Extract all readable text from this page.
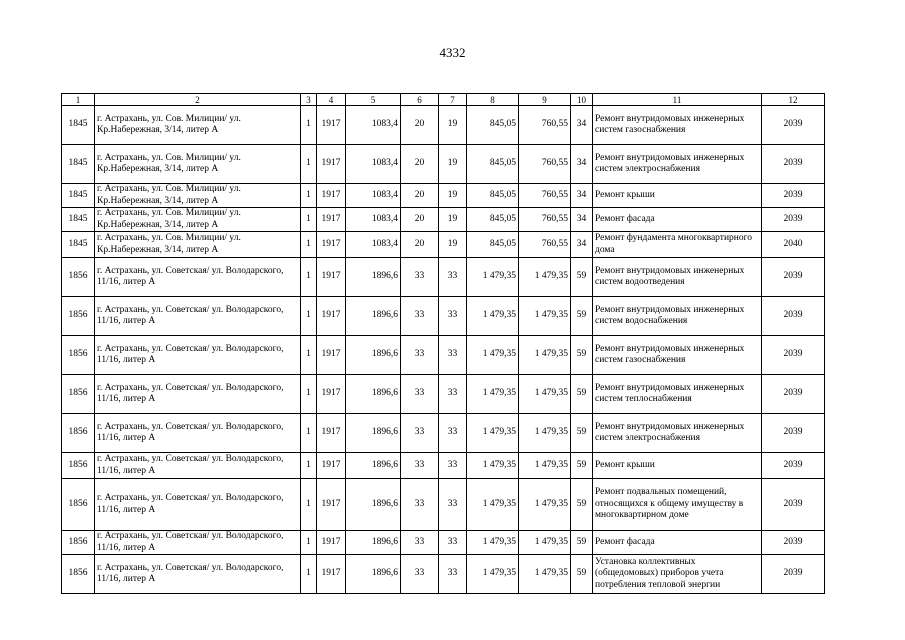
4332
1	2	3	4	5	6	7	8	9	10	11	12
1845	г. Астрахань, ул. Сов. Милиции/ ул. Кр.Набережная, 3/14, литер А	1	1917	1083,4	20	19	845,05	760,55	34	Ремонт внутридомовых инженерных систем газоснабжения	2039
1845	г. Астрахань, ул. Сов. Милиции/ ул. Кр.Набережная, 3/14, литер А	1	1917	1083,4	20	19	845,05	760,55	34	Ремонт внутридомовых инженерных систем электроснабжения	2039
1845	г. Астрахань, ул. Сов. Милиции/ ул. Кр.Набережная, 3/14, литер А	1	1917	1083,4	20	19	845,05	760,55	34	Ремонт крыши	2039
1845	г. Астрахань, ул. Сов. Милиции/ ул. Кр.Набережная, 3/14, литер А	1	1917	1083,4	20	19	845,05	760,55	34	Ремонт фасада	2039
1845	г. Астрахань, ул. Сов. Милиции/ ул. Кр.Набережная, 3/14, литер А	1	1917	1083,4	20	19	845,05	760,55	34	Ремонт фундамента многоквартирного дома	2040
1856	г. Астрахань, ул. Советская/ ул. Володарского, 11/16, литер А	1	1917	1896,6	33	33	1 479,35	1 479,35	59	Ремонт внутридомовых инженерных систем водоотведения	2039
1856	г. Астрахань, ул. Советская/ ул. Володарского, 11/16, литер А	1	1917	1896,6	33	33	1 479,35	1 479,35	59	Ремонт внутридомовых инженерных систем водоснабжения	2039
1856	г. Астрахань, ул. Советская/ ул. Володарского, 11/16, литер А	1	1917	1896,6	33	33	1 479,35	1 479,35	59	Ремонт внутридомовых инженерных систем газоснабжения	2039
1856	г. Астрахань, ул. Советская/ ул. Володарского, 11/16, литер А	1	1917	1896,6	33	33	1 479,35	1 479,35	59	Ремонт внутридомовых инженерных систем теплоснабжения	2039
1856	г. Астрахань, ул. Советская/ ул. Володарского, 11/16, литер А	1	1917	1896,6	33	33	1 479,35	1 479,35	59	Ремонт внутридомовых инженерных систем электроснабжения	2039
1856	г. Астрахань, ул. Советская/ ул. Володарского, 11/16, литер А	1	1917	1896,6	33	33	1 479,35	1 479,35	59	Ремонт крыши	2039
1856	г. Астрахань, ул. Советская/ ул. Володарского, 11/16, литер А	1	1917	1896,6	33	33	1 479,35	1 479,35	59	Ремонт подвальных помещений, относящихся к общему имуществу в многоквартирном доме	2039
1856	г. Астрахань, ул. Советская/ ул. Володарского, 11/16, литер А	1	1917	1896,6	33	33	1 479,35	1 479,35	59	Ремонт фасада	2039
1856	г. Астрахань, ул. Советская/ ул. Володарского, 11/16, литер А	1	1917	1896,6	33	33	1 479,35	1 479,35	59	Установка коллективных (общедомовых) приборов учета потребления тепловой энергии	2039
